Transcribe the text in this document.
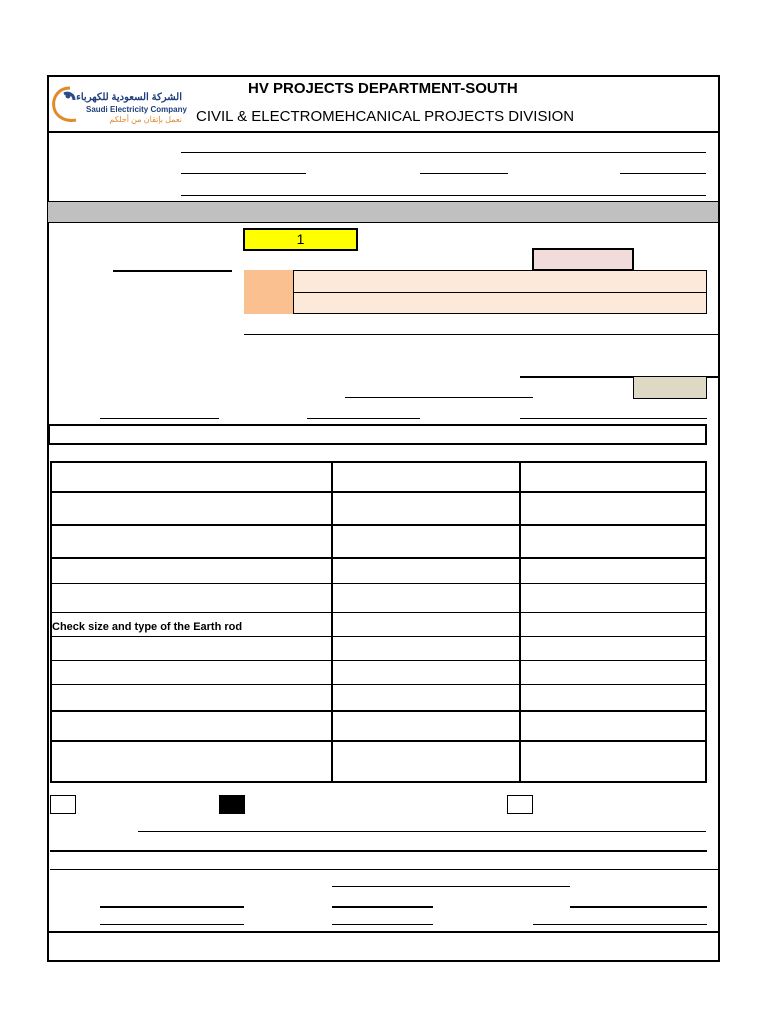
الشركة السعودية للكهرباء
Saudi Electricity Company
نعمل بإتقان من أجلكم
HV PROJECTS DEPARTMENT-SOUTH
CIVIL & ELECTROMEHCANICAL PROJECTS DIVISION
1
Check size and type of the Earth rod
